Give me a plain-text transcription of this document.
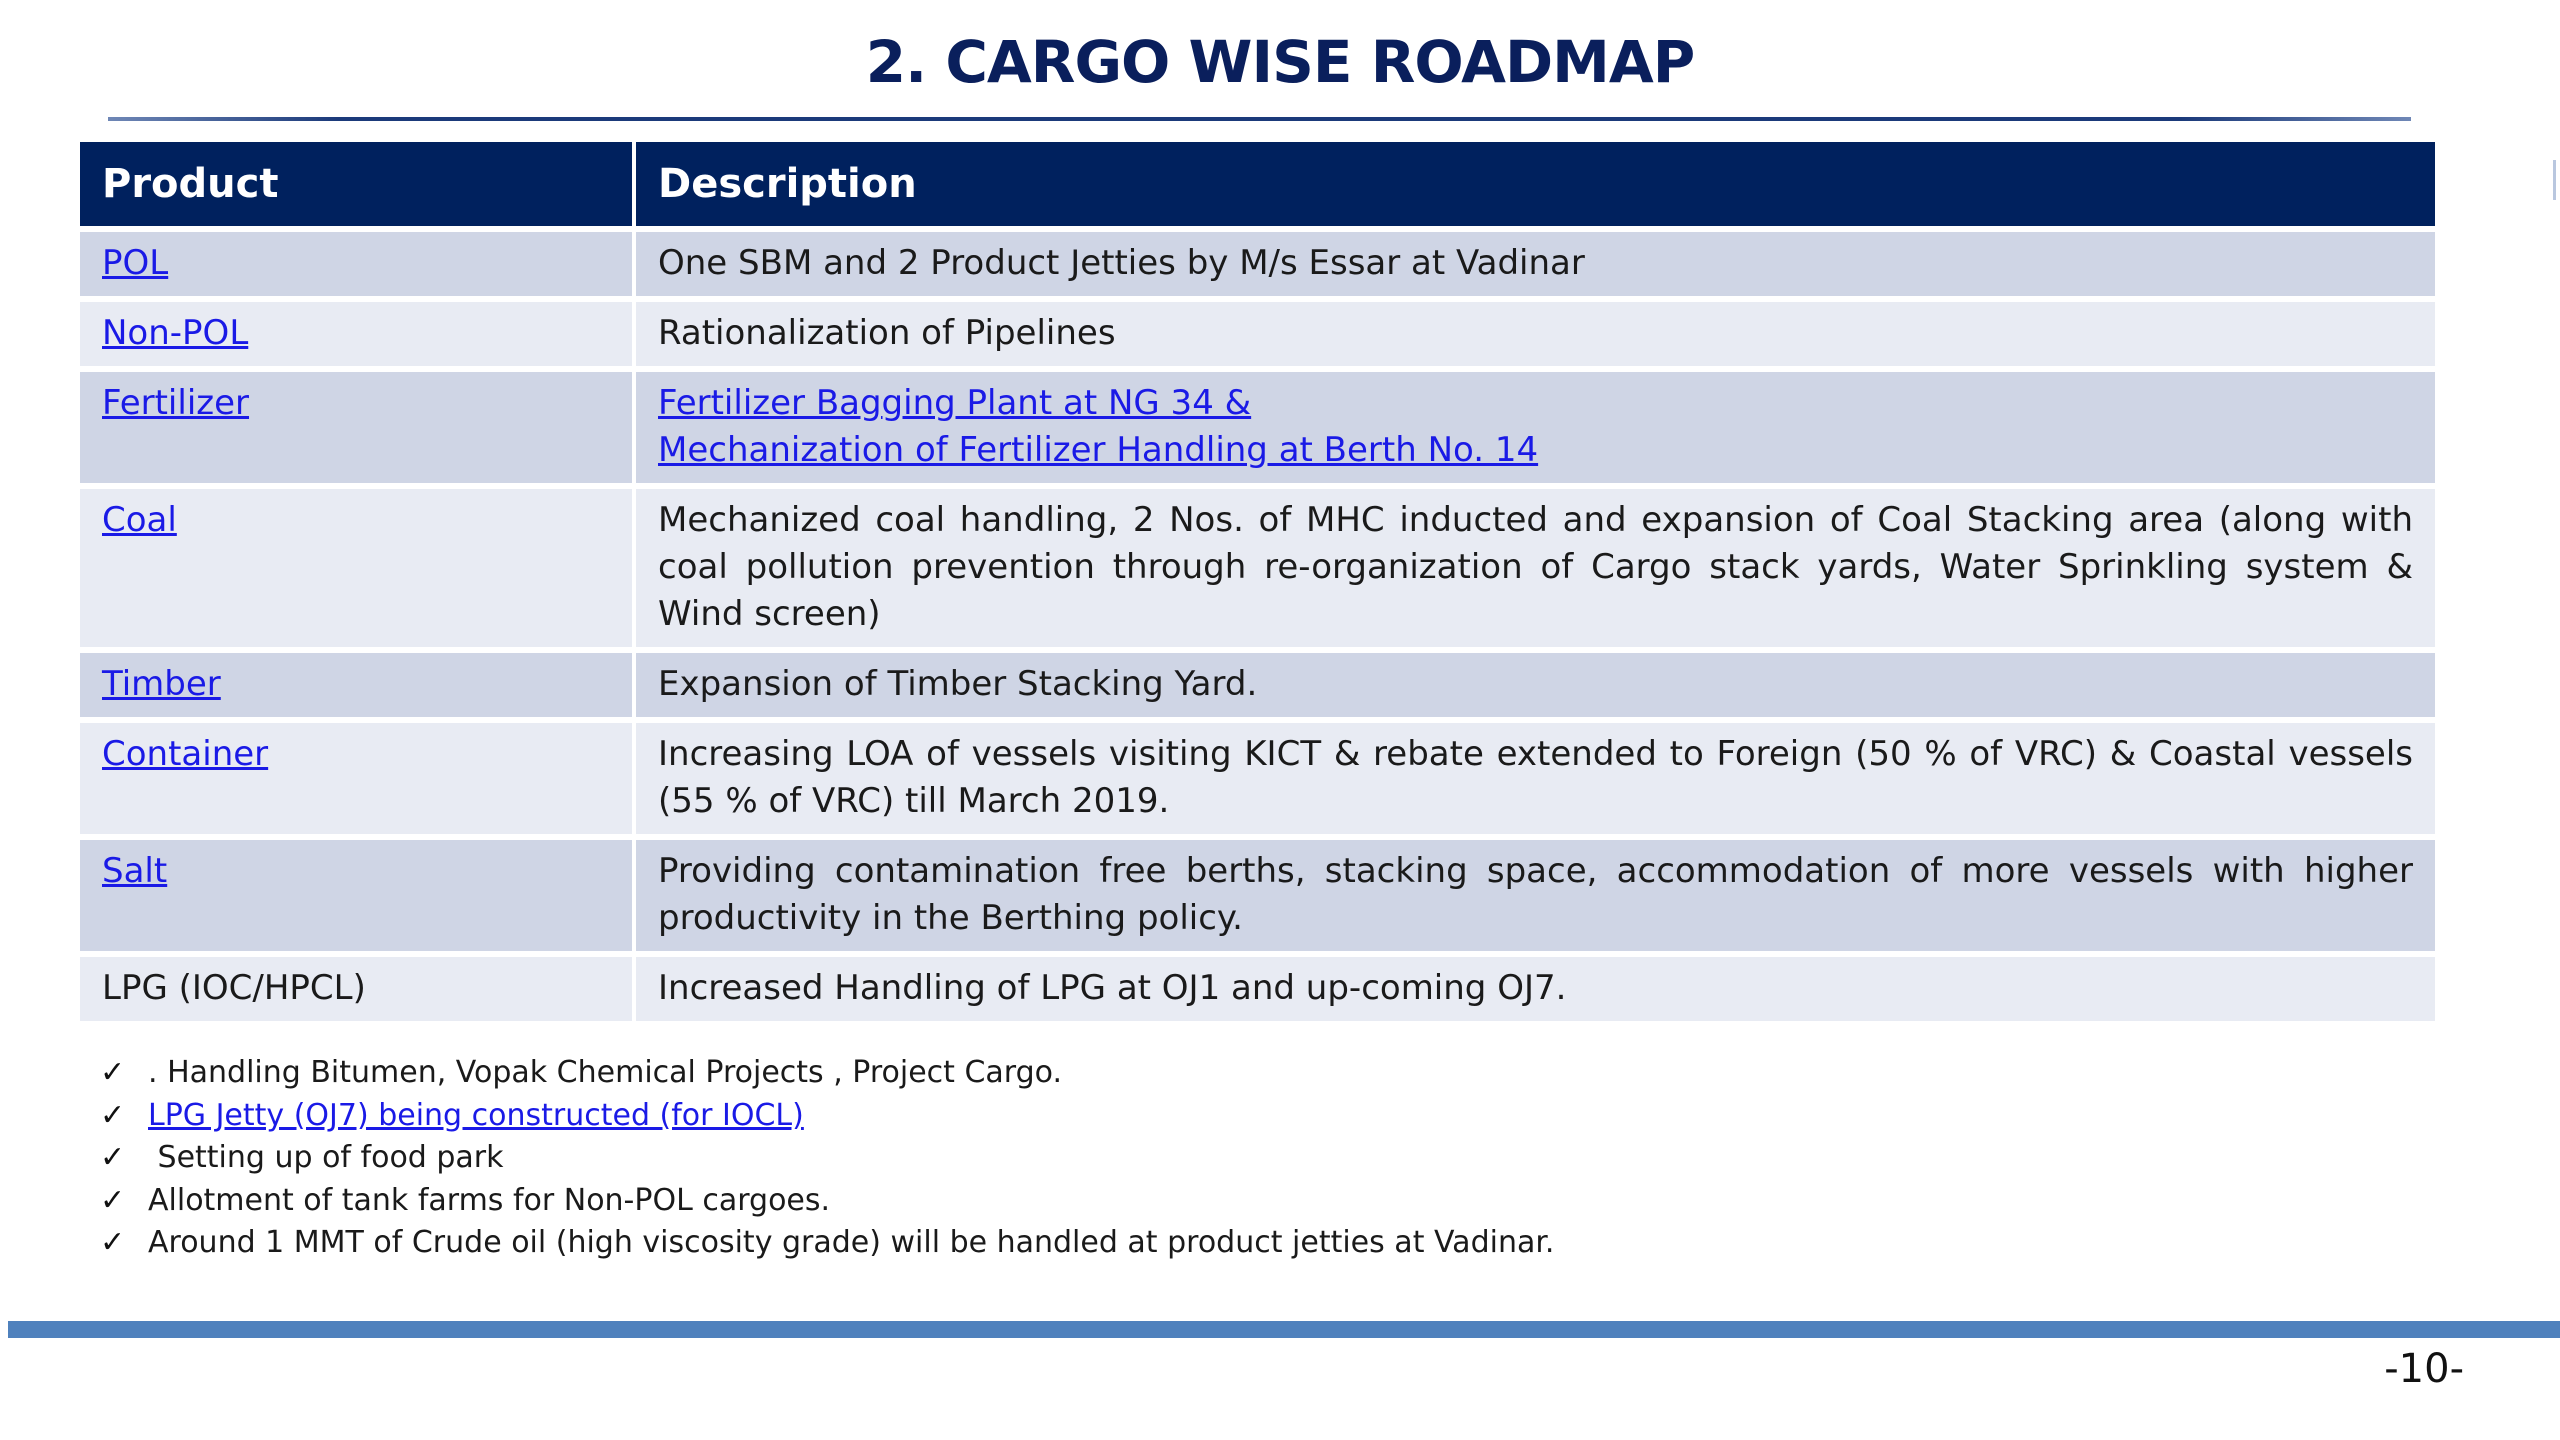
2. CARGO WISE ROADMAP
Product	Description
POL	One SBM and 2 Product Jetties by M/s Essar at Vadinar
Non-POL	Rationalization of Pipelines
Fertilizer	Fertilizer Bagging Plant at NG 34 &
Mechanization of Fertilizer Handling at Berth No. 14

Coal	Mechanized coal handling, 2 Nos. of MHC inducted and expansion of Coal Stacking area (along with coal pollution prevention through re-organization of Cargo stack yards, Water Sprinkling system & Wind screen)
Timber	Expansion of Timber Stacking Yard.
Container	Increasing LOA of vessels visiting KICT & rebate extended to Foreign (50 % of VRC) & Coastal vessels (55 % of VRC) till March 2019.
Salt	Providing contamination free berths, stacking space, accommodation of more vessels with higher productivity in the Berthing policy.
LPG (IOC/HPCL)	Increased Handling of LPG at OJ1 and up-coming OJ7.
✓ . Handling Bitumen, Vopak Chemical Projects , Project Cargo.
✓ LPG Jetty (OJ7) being constructed (for IOCL)
✓ Setting up of food park
✓ Allotment of tank farms for Non-POL cargoes.
✓ Around 1 MMT of Crude oil (high viscosity grade) will be handled at product jetties at Vadinar.
-10-
